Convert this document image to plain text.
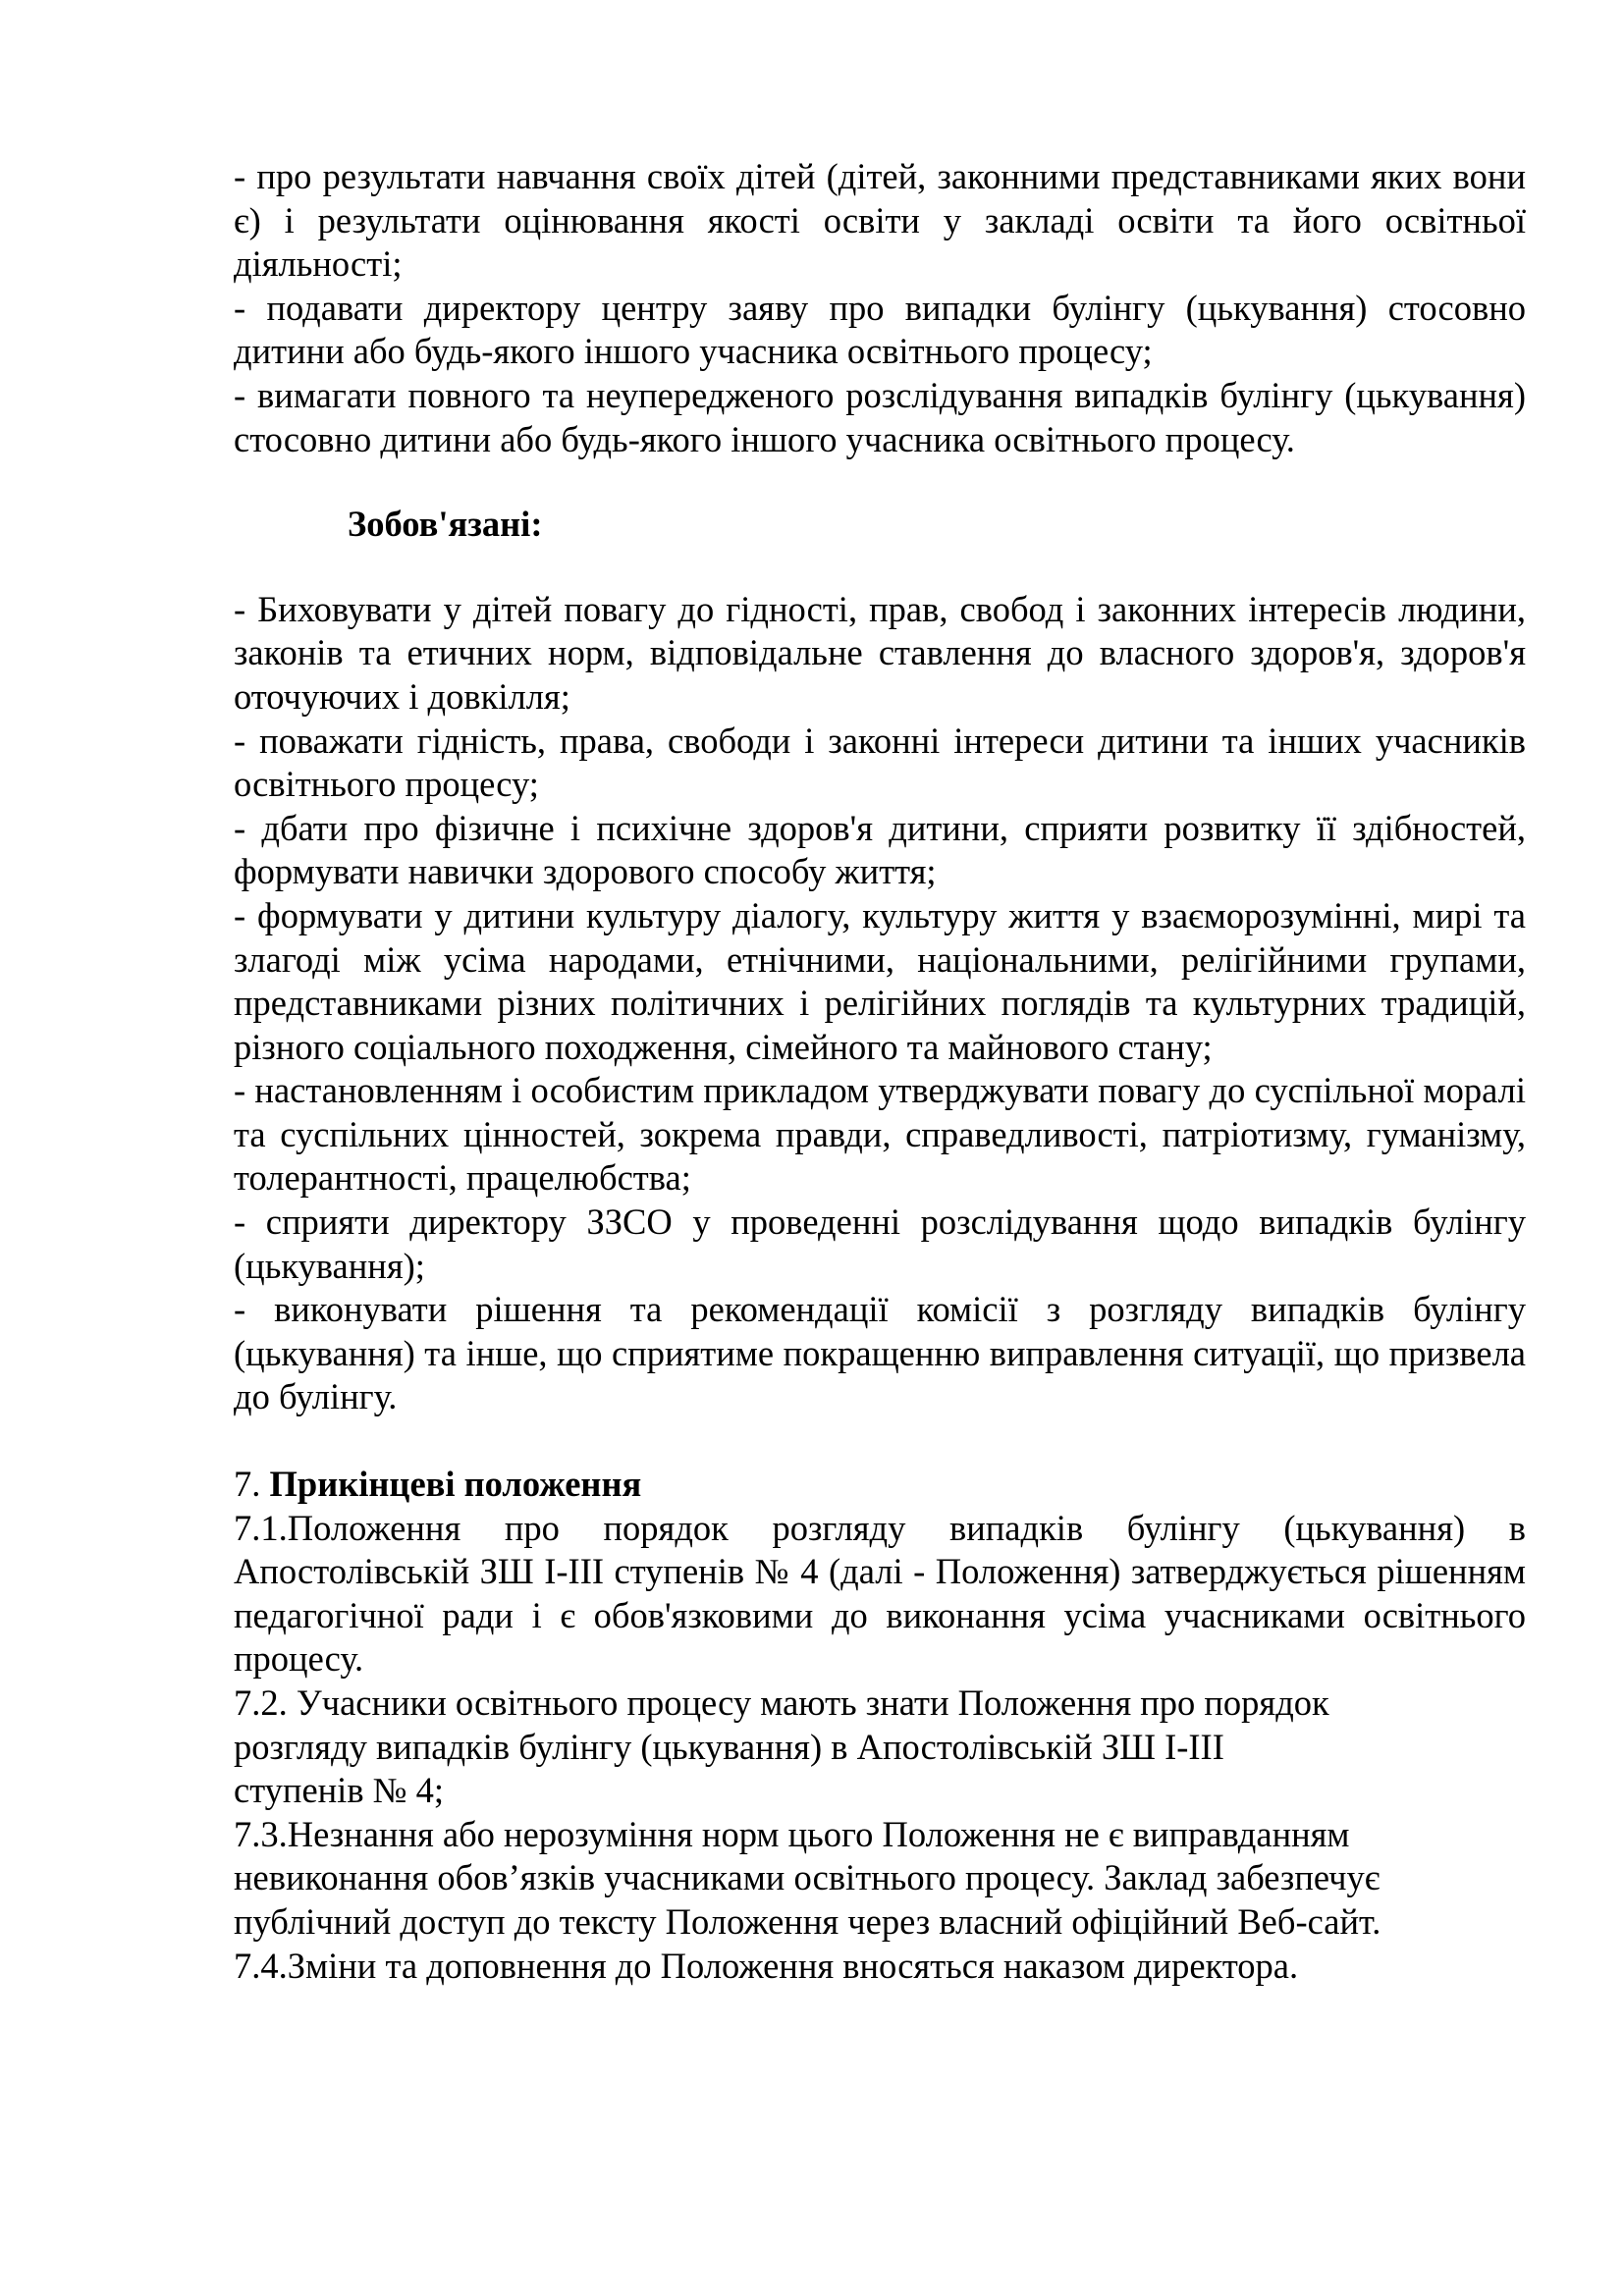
- про результати навчання своїх дітей (дітей, законними представниками яких вони є) і результати оцінювання якості освіти у закладі освіти та його освітньої діяльності;

- подавати директору центру заяву про випадки булінгу (цькування) стосовно дитини або будь-якого іншого учасника освітнього процесу;

- вимагати повного та неупередженого розслідування випадків булінгу (цькування) стосовно дитини або будь-якого іншого учасника освітнього процесу.

Зобов'язані:

- Биховувати у дітей повагу до гідності, прав, свобод і законних інтересів людини, законів та етичних норм, відповідальне ставлення до власного здоров'я, здоров'я оточуючих і довкілля;

- поважати гідність, права, свободи і законні інтереси дитини та інших учасників освітнього процесу;

- дбати про фізичне і психічне здоров'я дитини, сприяти розвитку її здібностей, формувати навички здорового способу життя;

- формувати у дитини культуру діалогу, культуру життя у взаєморозумінні, мирі та злагоді між усіма народами, етнічними, національними, релігійними групами, представниками різних політичних і релігійних поглядів та культурних традицій, різного соціального походження, сімейного та майнового стану;

- настановленням і особистим прикладом утверджувати повагу до суспільної моралі та суспільних цінностей, зокрема правди, справедливості, патріотизму, гуманізму, толерантності, працелюбства;

- сприяти директору ЗЗСО у проведенні розслідування щодо випадків булінгу (цькування);

- виконувати рішення та рекомендації комісії з розгляду випадків булінгу (цькування) та інше, що сприятиме покращенню виправлення ситуації, що призвела до булінгу.

7. Прикінцеві положення

7.1.Положення про порядок розгляду випадків булінгу (цькування) в Апостолівській ЗШ І-ІІІ ступенів № 4 (далі - Положення) затверджується рішенням педагогічної ради і є обов'язковими до виконання усіма учасниками освітнього процесу.

7.2. Учасники освітнього процесу мають знати Положення про порядок

розгляду випадків булінгу (цькування) в Апостолівській ЗШ І-ІІІ

ступенів № 4;

7.3.Незнання або нерозуміння норм цього Положення не є виправданням

невиконання обов’язків учасниками освітнього процесу. Заклад забезпечує

публічний доступ до тексту Положення через власний офіційний Веб-сайт.

7.4.Зміни та доповнення до Положення вносяться наказом директора.
